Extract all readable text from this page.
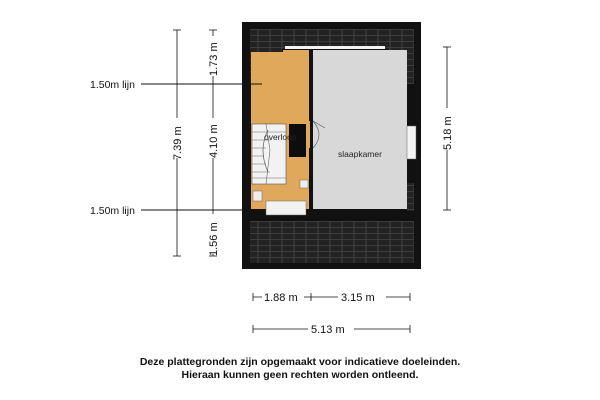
overloop
slaapkamer
1.50m lijn
1.50m lijn
7.39 m
1.73 m
4.10 m
1.56 m
5.18 m
1.88 m	3.15 m
5.13 m
Deze plattegronden zijn opgemaakt voor indicatieve doeleinden.
Hieraan kunnen geen rechten worden ontleend.
